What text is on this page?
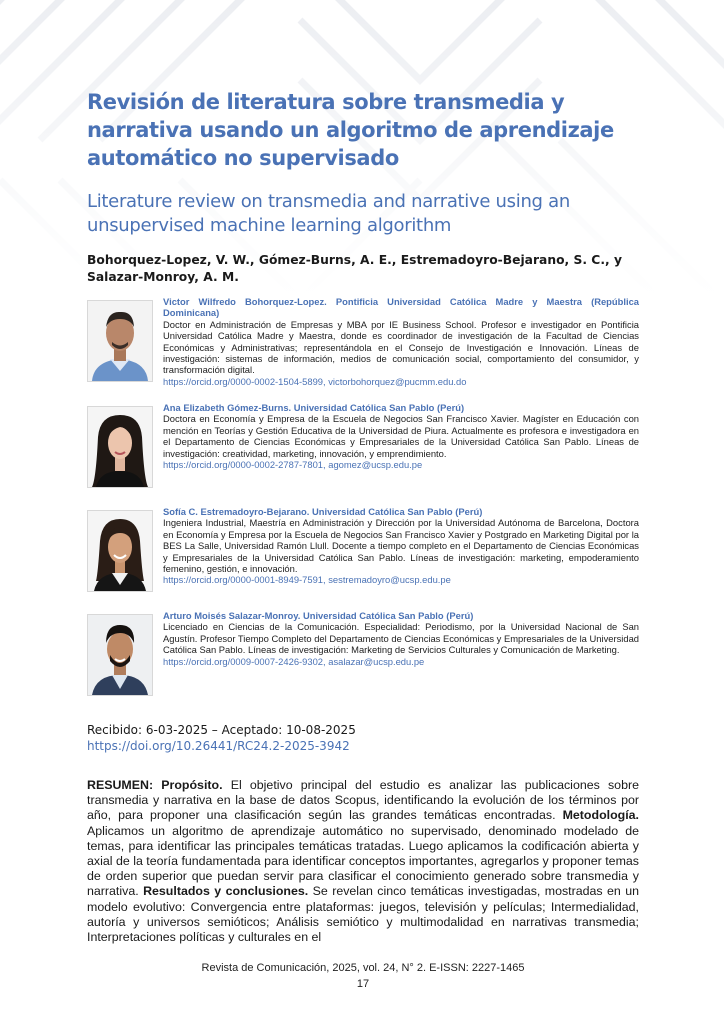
Revisión de literatura sobre transmedia y narrativa usando un algoritmo de aprendizaje automático no supervisado
Literature review on transmedia and narrative using an unsupervised machine learning algorithm
Bohorquez-Lopez, V. W., Gómez-Burns, A. E., Estremadoyro-Bejarano, S. C., y Salazar-Monroy, A. M.
Victor Wilfredo Bohorquez-Lopez. Pontificia Universidad Católica Madre y Maestra (República Dominicana)
Doctor en Administración de Empresas y MBA por IE Business School. Profesor e investigador en Pontificia Universidad Católica Madre y Maestra, donde es coordinador de investigación de la Facultad de Ciencias Económicas y Administrativas; representándola en el Consejo de Investigación e Innovación. Líneas de investigación: sistemas de información, medios de comunicación social, comportamiento del consumidor, y transformación digital.
https://orcid.org/0000-0002-1504-5899, victorbohorquez@pucmm.edu.do
Ana Elizabeth Gómez-Burns. Universidad Católica San Pablo (Perú)
Doctora en Economía y Empresa de la Escuela de Negocios San Francisco Xavier. Magíster en Educación con mención en Teorías y Gestión Educativa de la Universidad de Piura. Actualmente es profesora e investigadora en el Departamento de Ciencias Económicas y Empresariales de la Universidad Católica San Pablo. Líneas de investigación: creatividad, marketing, innovación, y emprendimiento.
https://orcid.org/0000-0002-2787-7801, agomez@ucsp.edu.pe
Sofía C. Estremadoyro-Bejarano. Universidad Católica San Pablo (Perú)
Ingeniera Industrial, Maestría en Administración y Dirección por la Universidad Autónoma de Barcelona, Doctora en Economía y Empresa por la Escuela de Negocios San Francisco Xavier y Postgrado en Marketing Digital por la BES La Salle, Universidad Ramón Llull. Docente a tiempo completo en el Departamento de Ciencias Económicas y Empresariales de la Universidad Católica San Pablo. Líneas de investigación: marketing, empoderamiento femenino, gestión, e innovación.
https://orcid.org/0000-0001-8949-7591, sestremadoyro@ucsp.edu.pe
Arturo Moisés Salazar-Monroy. Universidad Católica San Pablo (Perú)
Licenciado en Ciencias de la Comunicación. Especialidad: Periodismo, por la Universidad Nacional de San Agustín. Profesor Tiempo Completo del Departamento de Ciencias Económicas y Empresariales de la Universidad Católica San Pablo. Líneas de investigación: Marketing de Servicios Culturales y Comunicación de Marketing.
https://orcid.org/0009-0007-2426-9302, asalazar@ucsp.edu.pe
Recibido: 6-03-2025 – Aceptado: 10-08-2025
https://doi.org/10.26441/RC24.2-2025-3942
RESUMEN: Propósito. El objetivo principal del estudio es analizar las publicaciones sobre transmedia y narrativa en la base de datos Scopus, identificando la evolución de los términos por año, para proponer una clasificación según las grandes temáticas encontradas. Metodología. Aplicamos un algoritmo de aprendizaje automático no supervisado, denominado modelado de temas, para identificar las principales temáticas tratadas. Luego aplicamos la codificación abierta y axial de la teoría fundamentada para identificar conceptos importantes, agregarlos y proponer temas de orden superior que puedan servir para clasificar el conocimiento generado sobre transmedia y narrativa. Resultados y conclusiones. Se revelan cinco temáticas investigadas, mostradas en un modelo evolutivo: Convergencia entre plataformas: juegos, televisión y películas; Intermedialidad, autoría y universos semióticos; Análisis semiótico y multimodalidad en narrativas transmedia; Interpretaciones políticas y culturales en el
Revista de Comunicación, 2025, vol. 24, N° 2. E-ISSN: 2227-1465
17
